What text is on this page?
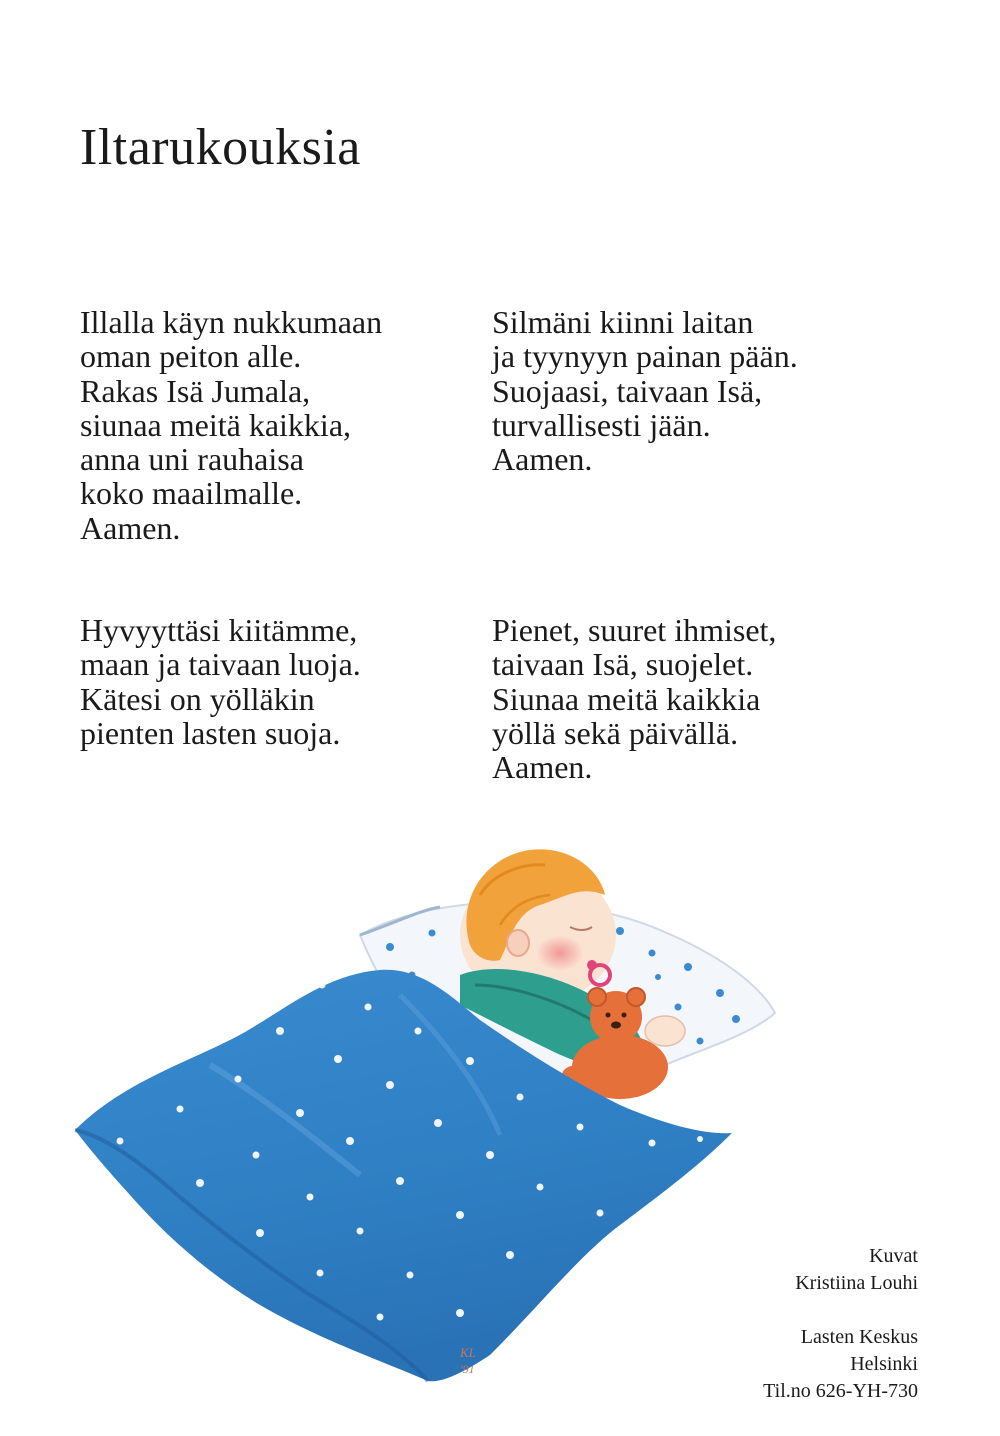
Iltarukouksia
Illalla käyn nukkumaan
oman peiton alle.
Rakas Isä Jumala,
siunaa meitä kaikkia,
anna uni rauhaisa
koko maailmalle.
Aamen.
Silmäni kiinni laitan
ja tyynyyn painan pään.
Suojaasi, taivaan Isä,
turvallisesti jään.
Aamen.
Hyvyyttäsi kiitämme,
maan ja taivaan luoja.
Kätesi on yölläkin
pienten lasten suoja.
Pienet, suuret ihmiset,
taivaan Isä, suojelet.
Siunaa meitä kaikkia
yöllä sekä päivällä.
Aamen.
KL
'91
Kuvat
Kristiina Louhi
Lasten Keskus
Helsinki
Til.no 626-YH-730
